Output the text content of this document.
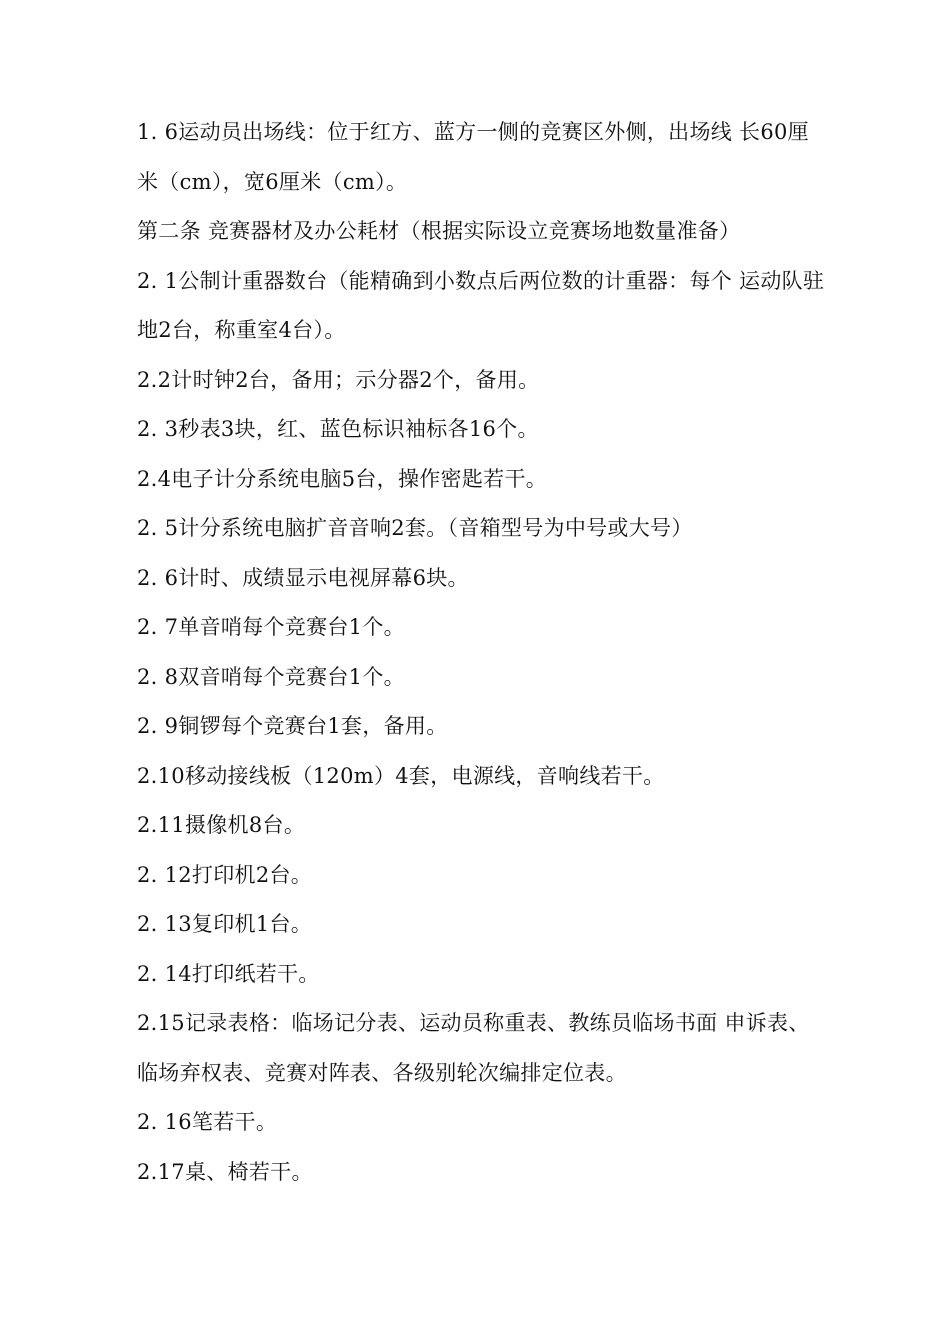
1. 6运动员出场线：位于红方、蓝方一侧的竞赛区外侧，出场线 长60厘米（cm），宽6厘米（cm）。

第二条 竞赛器材及办公耗材（根据实际设立竞赛场地数量准备）

2. 1公制计重器数台（能精确到小数点后两位数的计重器：每个 运动队驻地2台，称重室4台）。

2.2计时钟2台，备用；示分器2个，备用。

2. 3秒表3块，红、蓝色标识袖标各16个。

2.4电子计分系统电脑5台，操作密匙若干。

2. 5计分系统电脑扩音音响2套。（音箱型号为中号或大号）

2. 6计时、成绩显示电视屏幕6块。

2. 7单音哨每个竞赛台1个。

2. 8双音哨每个竞赛台1个。

2. 9铜锣每个竞赛台1套，备用。

2.10移动接线板（120m）4套，电源线，音响线若干。

2.11摄像机8台。

2. 12打印机2台。

2. 13复印机1台。

2. 14打印纸若干。

2.15记录表格：临场记分表、运动员称重表、教练员临场书面 申诉表、临场弃权表、竞赛对阵表、各级别轮次编排定位表。

2. 16笔若干。

2.17桌、椅若干。
